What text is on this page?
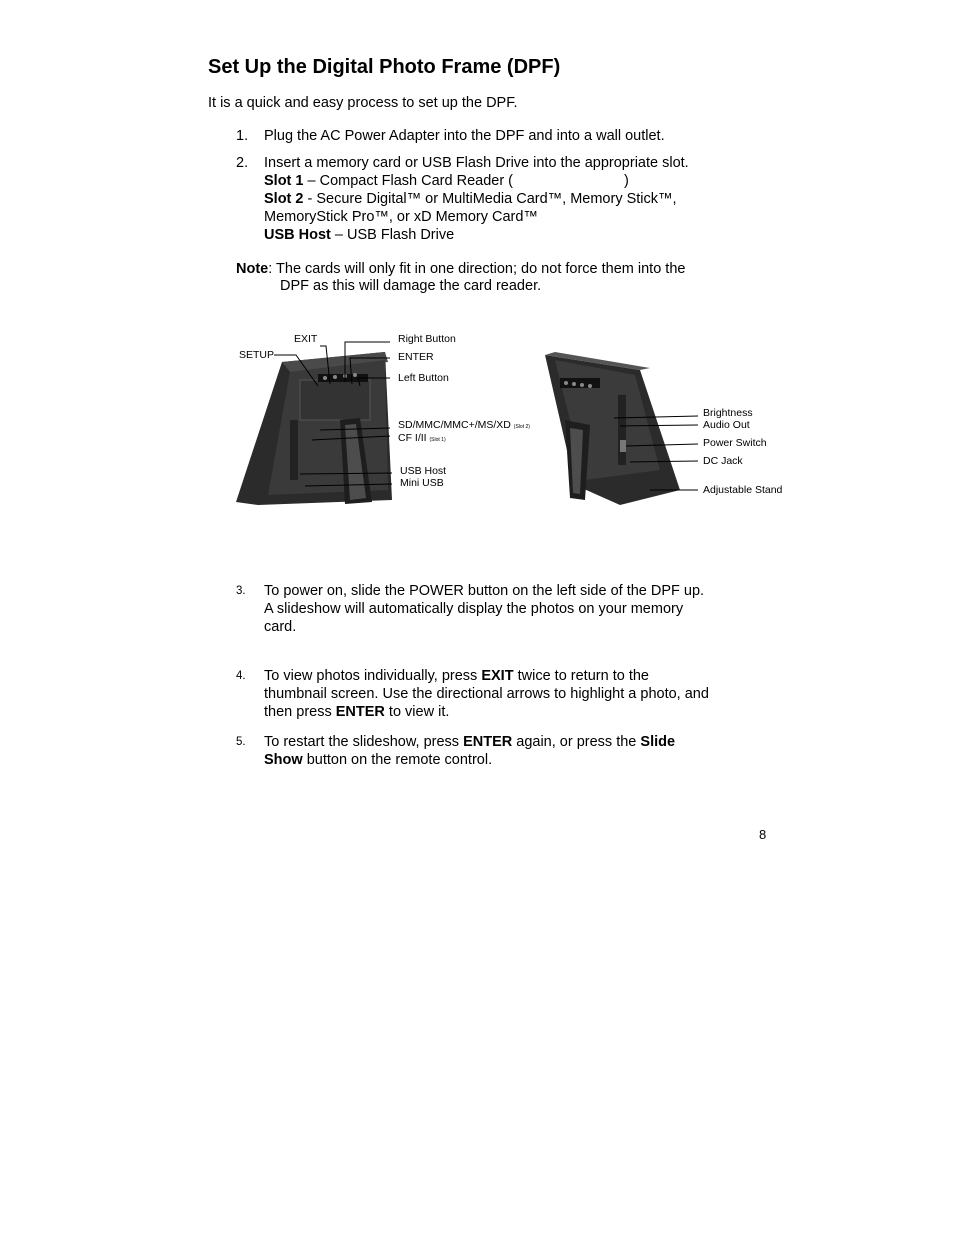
Set Up the Digital Photo Frame (DPF)
It is a quick and easy process to set up the DPF.
1. Plug the AC Power Adapter into the DPF and into a wall outlet.
2. Insert a memory card or USB Flash Drive into the appropriate slot.
Slot 1 – Compact Flash Card Reader (	)
Slot 2 - Secure Digital™ or MultiMedia Card™, Memory Stick™,
MemoryStick Pro™, or xD Memory Card™
USB Host – USB Flash Drive
Note: The cards will only fit in one direction; do not force them into the
DPF as this will damage the card reader.
EXIT
SETUP
Right Button
ENTER
Left Button
SD/MMC/MMC+/MS/XD (Slot 2)
CF I/II (Slot 1)
USB Host
Mini USB
Brightness
Audio Out
Power Switch
DC Jack
Adjustable Stand
3. To power on, slide the POWER button on the left side of the DPF up.
A slideshow will automatically display the photos on your memory
card.
4. To view photos individually, press EXIT twice to return to the
thumbnail screen. Use the directional arrows to highlight a photo, and
then press ENTER to view it.
5. To restart the slideshow, press ENTER again, or press the Slide
Show button on the remote control.
8
